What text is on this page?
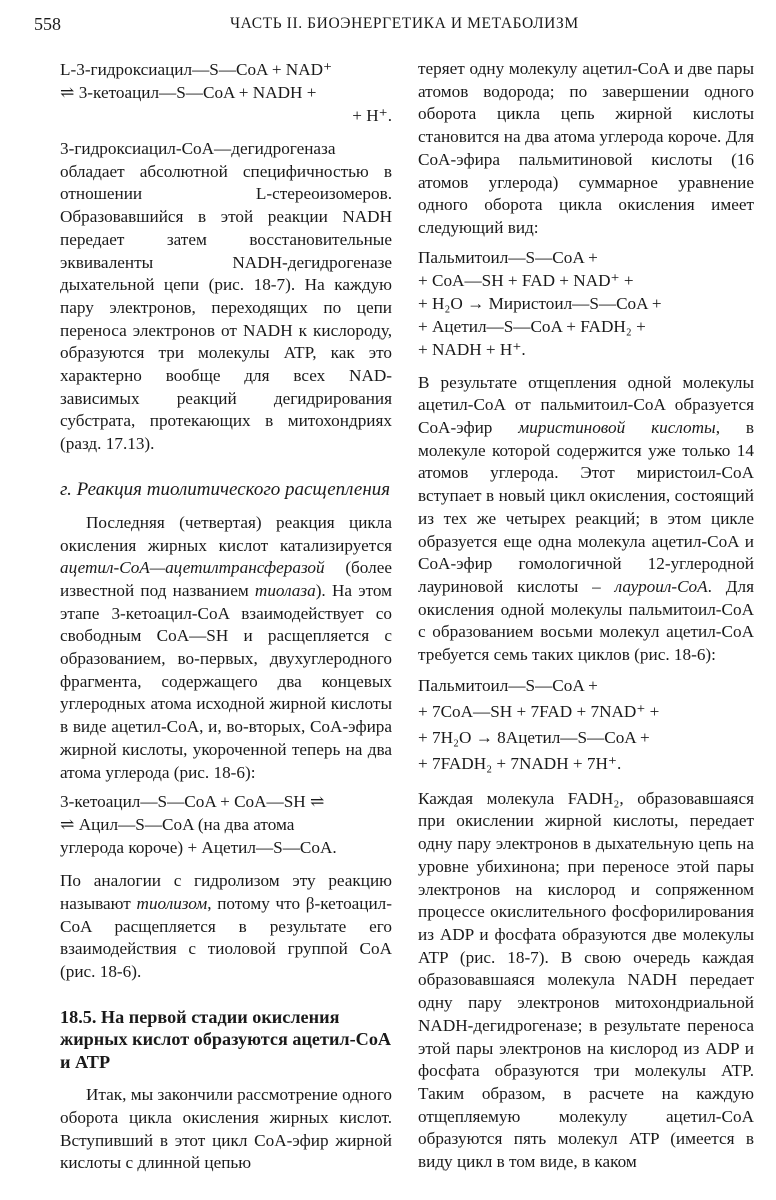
558	ЧАСТЬ II. БИОЭНЕРГЕТИКА И МЕТАБОЛИЗМ
L-3-гидроксиацил—S—CoA + NAD⁺
⇌ 3-кетоацил—S—CoA + NADH +
+ H⁺.

3-гидроксиацил-CoA—дегидрогеназа обладает абсолютной специфичностью в отношении L-стереоизомеров. Образовавшийся в этой реакции NADH передает затем восстановительные эквиваленты NADH-дегидрогеназе дыхательной цепи (рис. 18-7). На каждую пару электронов, переходящих по цепи переноса электронов от NADH к кислороду, образуются три молекулы ATP, как это характерно вообще для всех NAD-зависимых реакций дегидрирования субстрата, протекающих в митохондриях (разд. 17.13).

г. Реакция тиолитического расщепления

Последняя (четвертая) реакция цикла окисления жирных кислот катализируется ацетил-CoA—ацетилтрансферазой (более известной под названием тиолаза). На этом этапе 3-кетоацил-CoA взаимодействует со свободным CoA—SH и расщепляется с образованием, во-первых, двухуглеродного фрагмента, содержащего два концевых углеродных атома исходной жирной кислоты в виде ацетил-CoA, и, во-вторых, CoA-эфира жирной кислоты, укороченной теперь на два атома углерода (рис. 18-6):

3-кетоацил—S—CoA + CoA—SH ⇌
⇌ Ацил—S—CoA (на два атома
углерода короче) + Ацетил—S—CoA.

По аналогии с гидролизом эту реакцию называют тиолизом, потому что β-кетоацил-CoA расщепляется в результате его взаимодействия с тиоловой группой CoA (рис. 18-6).

18.5. На первой стадии окисления жирных кислот образуются ацетил-CoA и ATP

Итак, мы закончили рассмотрение одного оборота цикла окисления жирных кислот. Вступивший в этот цикл CoA-эфир жирной кислоты с длинной цепью

теряет одну молекулу ацетил-CoA и две пары атомов водорода; по завершении одного оборота цикла цепь жирной кислоты становится на два атома углерода короче. Для CoA-эфира пальмитиновой кислоты (16 атомов углерода) суммарное уравнение одного оборота цикла окисления имеет следующий вид:

Пальмитоил—S—CoA +
+ CoA—SH + FAD + NAD⁺ +
+ H₂O → Миристоил—S—CoA +
+ Ацетил—S—CoA + FADH₂ +
+ NADH + H⁺.

В результате отщепления одной молекулы ацетил-CoA от пальмитоил-CoA образуется CoA-эфир миристиновой кислоты, в молекуле которой содержится уже только 14 атомов углерода. Этот миристоил-CoA вступает в новый цикл окисления, состоящий из тех же четырех реакций; в этом цикле образуется еще одна молекула ацетил-CoA и CoA-эфир гомологичной 12-углеродной лауриновой кислоты – лауроил-CoA. Для окисления одной молекулы пальмитоил-CoA с образованием восьми молекул ацетил-CoA требуется семь таких циклов (рис. 18-6):

Пальмитоил—S—CoA +
+ 7CoA—SH + 7FAD + 7NAD⁺ +
+ 7H₂O → 8Ацетил—S—CoA +
+ 7FADH₂ + 7NADH + 7H⁺.

Каждая молекула FADH₂, образовавшаяся при окислении жирной кислоты, передает одну пару электронов в дыхательную цепь на уровне убихинона; при переносе этой пары электронов на кислород и сопряженном процессе окислительного фосфорилирования из ADP и фосфата образуются две молекулы ATP (рис. 18-7). В свою очередь каждая образовавшаяся молекула NADH передает одну пару электронов митохондриальной NADH-дегидрогеназе; в результате переноса этой пары электронов на кислород из ADP и фосфата образуются три молекулы ATP. Таким образом, в расчете на каждую отщепляемую молекулу ацетил-CoA образуются пять молекул ATP (имеется в виду цикл в том виде, в каком
